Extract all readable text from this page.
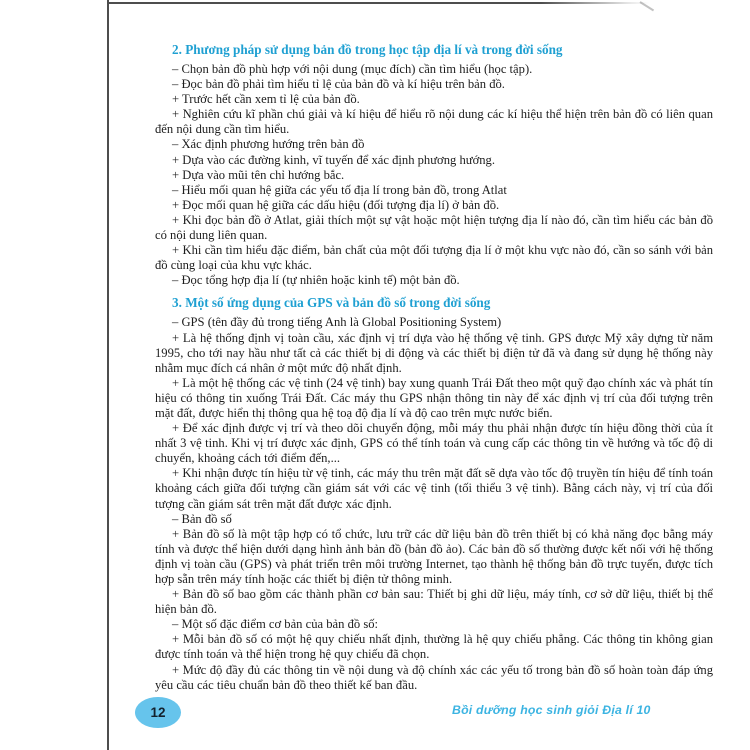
2. Phương pháp sử dụng bản đồ trong học tập địa lí và trong đời sống

– Chọn bản đồ phù hợp với nội dung (mục đích) cần tìm hiểu (học tập).

– Đọc bản đồ phải tìm hiểu tỉ lệ của bản đồ và kí hiệu trên bản đồ.

+ Trước hết cần xem tỉ lệ của bản đồ.

+ Nghiên cứu kĩ phần chú giải và kí hiệu để hiểu rõ nội dung các kí hiệu thể hiện trên bản đồ có liên quan đến nội dung cần tìm hiểu.

– Xác định phương hướng trên bản đồ

+ Dựa vào các đường kinh, vĩ tuyến để xác định phương hướng.

+ Dựa vào mũi tên chỉ hướng bắc.

– Hiểu mối quan hệ giữa các yếu tố địa lí trong bản đồ, trong Atlat

+ Đọc mối quan hệ giữa các dấu hiệu (đối tượng địa lí) ở bản đồ.

+ Khi đọc bản đồ ở Atlat, giải thích một sự vật hoặc một hiện tượng địa lí nào đó, cần tìm hiểu các bản đồ có nội dung liên quan.

+ Khi cần tìm hiểu đặc điểm, bản chất của một đối tượng địa lí ở một khu vực nào đó, cần so sánh với bản đồ cùng loại của khu vực khác.

– Đọc tổng hợp địa lí (tự nhiên hoặc kinh tế) một bản đồ.

3. Một số ứng dụng của GPS và bản đồ số trong đời sống

– GPS (tên đầy đủ trong tiếng Anh là Global Positioning System)

+ Là hệ thống định vị toàn cầu, xác định vị trí dựa vào hệ thống vệ tinh. GPS được Mỹ xây dựng từ năm 1995, cho tới nay hầu như tất cả các thiết bị di động và các thiết bị điện tử đã và đang sử dụng hệ thống này nhằm mục đích cá nhân ở một mức độ nhất định.

+ Là một hệ thống các vệ tinh (24 vệ tinh) bay xung quanh Trái Đất theo một quỹ đạo chính xác và phát tín hiệu có thông tin xuống Trái Đất. Các máy thu GPS nhận thông tin này để xác định vị trí của đối tượng trên mặt đất, được hiển thị thông qua hệ toạ độ địa lí và độ cao trên mực nước biển.

+ Để xác định được vị trí và theo dõi chuyển động, mỗi máy thu phải nhận được tín hiệu đồng thời của ít nhất 3 vệ tinh. Khi vị trí được xác định, GPS có thể tính toán và cung cấp các thông tin về hướng và tốc độ di chuyển, khoảng cách tới điểm đến,...

+ Khi nhận được tín hiệu từ vệ tinh, các máy thu trên mặt đất sẽ dựa vào tốc độ truyền tín hiệu để tính toán khoảng cách giữa đối tượng cần giám sát với các vệ tinh (tối thiểu 3 vệ tinh). Bằng cách này, vị trí của đối tượng cần giám sát trên mặt đất được xác định.

– Bản đồ số

+ Bản đồ số là một tập hợp có tổ chức, lưu trữ các dữ liệu bản đồ trên thiết bị có khả năng đọc bằng máy tính và được thể hiện dưới dạng hình ảnh bản đồ (bản đồ ảo). Các bản đồ số thường được kết nối với hệ thống định vị toàn cầu (GPS) và phát triển trên môi trường Internet, tạo thành hệ thống bản đồ trực tuyến, được tích hợp sẵn trên máy tính hoặc các thiết bị điện tử thông minh.

+ Bản đồ số bao gồm các thành phần cơ bản sau: Thiết bị ghi dữ liệu, máy tính, cơ sở dữ liệu, thiết bị thể hiện bản đồ.

– Một số đặc điểm cơ bản của bản đồ số:

+ Mỗi bản đồ số có một hệ quy chiếu nhất định, thường là hệ quy chiếu phẳng. Các thông tin không gian được tính toán và thể hiện trong hệ quy chiếu đã chọn.

+ Mức độ đầy đủ các thông tin về nội dung và độ chính xác các yếu tố trong bản đồ số hoàn toàn đáp ứng yêu cầu các tiêu chuẩn bản đồ theo thiết kế ban đầu.

12	Bồi dưỡng học sinh giỏi Địa lí 10
